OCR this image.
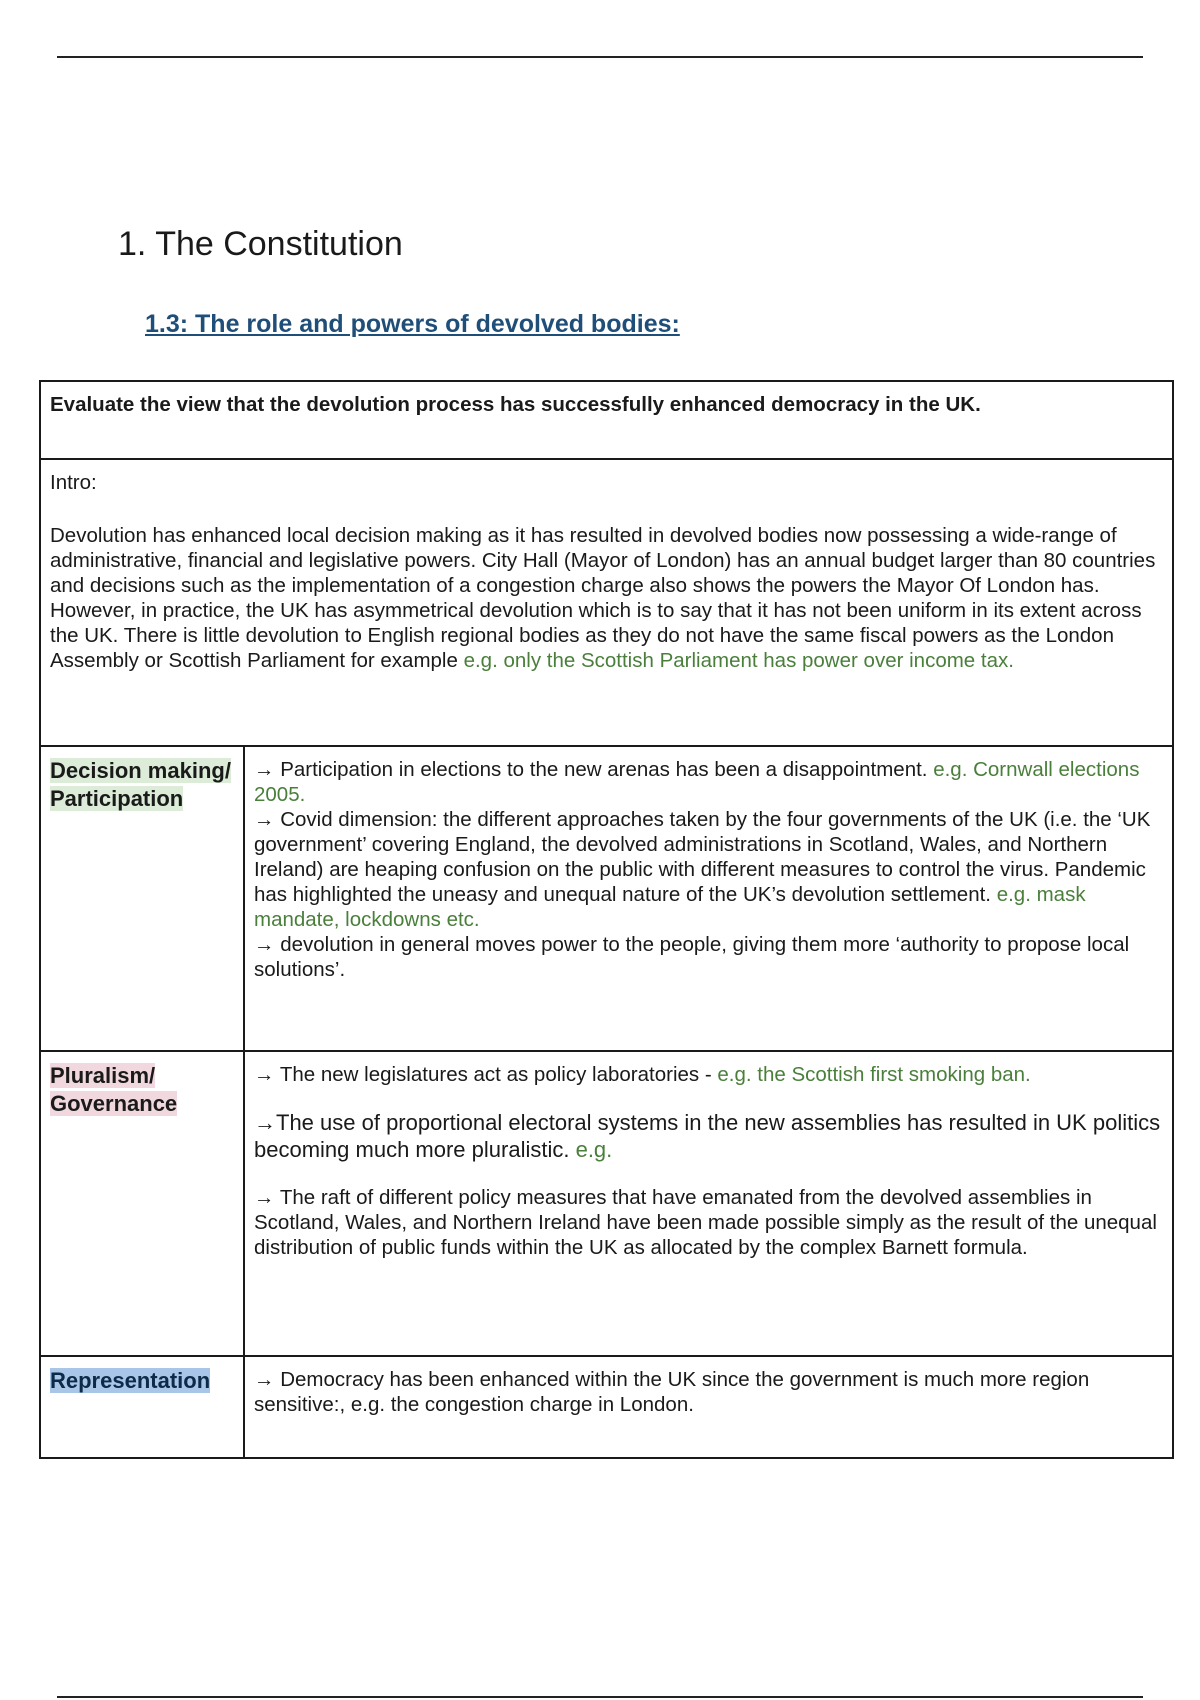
1. The Constitution
1.3: The role and powers of devolved bodies:
Evaluate the view that the devolution process has successfully enhanced democracy in the UK.	

Intro:

Devolution has enhanced local decision making as it has resulted in devolved bodies now possessing a wide-range of administrative, financial and legislative powers. City Hall (Mayor of London) has an annual budget larger than 80 countries and decisions such as the implementation of a congestion charge also shows the powers the Mayor Of London has. However, in practice, the UK has asymmetrical devolution which is to say that it has not been uniform in its extent across the UK. There is little devolution to English regional bodies as they do not have the same fiscal powers as the London Assembly or Scottish Parliament for example e.g. only the Scottish Parliament has power over income tax.	

Decision making/ Participation	→ Participation in elections to the new arenas has been a disappointment. e.g. Cornwall elections 2005.

→ Covid dimension: the different approaches taken by the four governments of the UK (i.e. the ‘UK government’ covering England, the devolved administrations in Scotland, Wales, and Northern Ireland) are heaping confusion on the public with different measures to control the virus. Pandemic has highlighted the uneasy and unequal nature of the UK’s devolution settlement. e.g. mask mandate, lockdowns etc.

→ devolution in general moves power to the people, giving them more ‘authority to propose local solutions’.

Pluralism/ Governance	→ The new legislatures act as policy laboratories - e.g. the Scottish first smoking ban.

→The use of proportional electoral systems in the new assemblies has resulted in UK politics becoming much more pluralistic. e.g.

→ The raft of different policy measures that have emanated from the devolved assemblies in Scotland, Wales, and Northern Ireland have been made possible simply as the result of the unequal distribution of public funds within the UK as allocated by the complex Barnett formula.

Representation	→ Democracy has been enhanced within the UK since the government is much more region sensitive:, e.g. the congestion charge in London.
